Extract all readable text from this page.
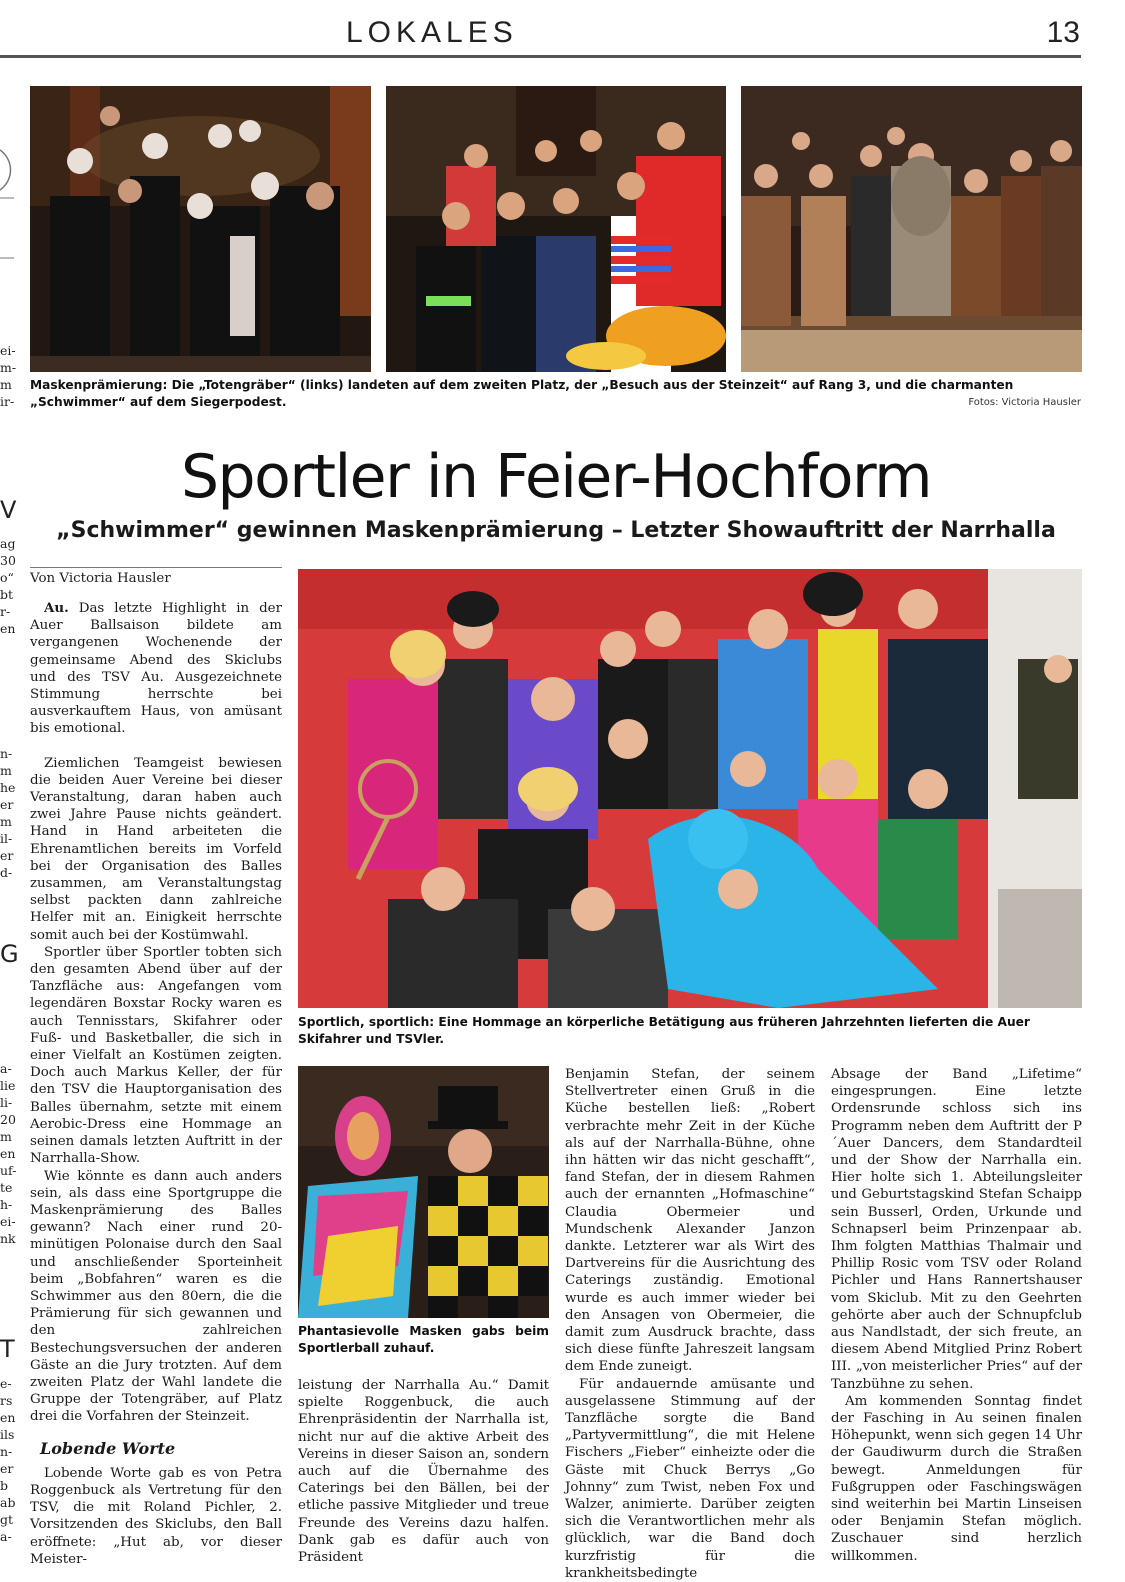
LOKALES	13
ei-
m-
m
ir-
V
ag
30
o“
bt
r-
en
n-
m
he
er
m
il-
er
d-
G
a-
lie
li-
20
m
en
uf-
te
h-
ei-
nk
T
e-
rs
en
ils
n-
er
b
ab
gt
a-
Maskenprämierung: Die „Totengräber“ (links) landeten auf dem zweiten Platz, der „Besuch aus der Steinzeit“ auf Rang 3, und die charmanten „Schwimmer“ auf dem Siegerpodest.	Fotos: Victoria Hausler
Sportler in Feier-Hochform
„Schwimmer“ gewinnen Maskenprämierung – Letzter Showauftritt der Narrhalla
Von Victoria Hausler

Au. Das letzte Highlight in der Auer Ballsaison bildete am vergangenen Wochenende der gemeinsame Abend des Skiclubs und des TSV Au. Ausgezeichnete Stimmung herrschte bei ausverkauftem Haus, von amüsant bis emotional.

Ziemlichen Teamgeist bewiesen die beiden Auer Vereine bei dieser Veranstaltung, daran haben auch zwei Jahre Pause nichts geändert. Hand in Hand arbeiteten die Ehrenamtlichen bereits im Vorfeld bei der Organisation des Balles zusammen, am Veranstaltungstag selbst packten dann zahlreiche Helfer mit an. Einigkeit herrschte somit auch bei der Kostümwahl.

Sportler über Sportler tobten sich den gesamten Abend über auf der Tanzfläche aus: Angefangen vom legendären Boxstar Rocky waren es auch Tennisstars, Skifahrer oder Fuß- und Basketballer, die sich in einer Vielfalt an Kostümen zeigten. Doch auch Markus Keller, der für den TSV die Hauptorganisation des Balles übernahm, setzte mit einem Aerobic-Dress eine Hommage an seinen damals letzten Auftritt in der Narrhalla-Show.

Wie könnte es dann auch anders sein, als dass eine Sportgruppe die Maskenprämierung des Balles gewann? Nach einer rund 20-minütigen Polonaise durch den Saal und anschließender Sporteinheit beim „Bobfahren“ waren es die Schwimmer aus den 80ern, die die Prämierung für sich gewannen und den zahlreichen Bestechungsversuchen der anderen Gäste an die Jury trotzten. Auf dem zweiten Platz der Wahl landete die Gruppe der Totengräber, auf Platz drei die Vorfahren der Steinzeit.

Lobende Worte

Lobende Worte gab es von Petra Roggenbuck als Vertretung für den TSV, die mit Roland Pichler, 2. Vorsitzenden des Skiclubs, den Ball eröffnete: „Hut ab, vor dieser Meister-

Sportlich, sportlich: Eine Hommage an körperliche Betätigung aus früheren Jahrzehnten lieferten die Auer Skifahrer und TSVler.
Phantasievolle Masken gabs beim Sportlerball zuhauf.

leistung der Narrhalla Au.“ Damit spielte Roggenbuck, die auch Ehrenpräsidentin der Narrhalla ist, nicht nur auf die aktive Arbeit des Vereins in dieser Saison an, sondern auch auf die Übernahme des Caterings bei den Bällen, bei der etliche passive Mitglieder und treue Freunde des Vereins dazu halfen. Dank gab es dafür auch von Präsident

Benjamin Stefan, der seinem Stellvertreter einen Gruß in die Küche bestellen ließ: „Robert verbrachte mehr Zeit in der Küche als auf der Narrhalla-Bühne, ohne ihn hätten wir das nicht geschafft“, fand Stefan, der in diesem Rahmen auch der ernannten „Hofmaschine“ Claudia Obermeier und Mundschenk Alexander Janzon dankte. Letzterer war als Wirt des Dartvereins für die Ausrichtung des Caterings zuständig. Emotional wurde es auch immer wieder bei den Ansagen von Obermeier, die damit zum Ausdruck brachte, dass sich diese fünfte Jahreszeit langsam dem Ende zuneigt.

Für andauernde amüsante und ausgelassene Stimmung auf der Tanzfläche sorgte die Band „Partyvermittlung“, die mit Helene Fischers „Fieber“ einheizte oder die Gäste mit Chuck Berrys „Go Johnny“ zum Twist, neben Fox und Walzer, animierte. Darüber zeigten sich die Verantwortlichen mehr als glücklich, war die Band doch kurzfristig für die krankheitsbedingte

Absage der Band „Lifetime“ eingesprungen. Eine letzte Ordensrunde schloss sich ins Programm neben dem Auftritt der P´Auer Dancers, dem Standardteil und der Show der Narrhalla ein. Hier holte sich 1. Abteilungsleiter und Geburtstagskind Stefan Schaipp sein Busserl, Orden, Urkunde und Schnapserl beim Prinzenpaar ab. Ihm folgten Matthias Thalmair und Phillip Rosic vom TSV oder Roland Pichler und Hans Rannertshauser vom Skiclub. Mit zu den Geehrten gehörte aber auch der Schnupfclub aus Nandlstadt, der sich freute, an diesem Abend Mitglied Prinz Robert III. „von meisterlicher Pries“ auf der Tanzbühne zu sehen.

Am kommenden Sonntag findet der Fasching in Au seinen finalen Höhepunkt, wenn sich gegen 14 Uhr der Gaudiwurm durch die Straßen bewegt. Anmeldungen für Fußgruppen oder Faschingswägen sind weiterhin bei Martin Linseisen oder Benjamin Stefan möglich. Zuschauer sind herzlich willkommen.
